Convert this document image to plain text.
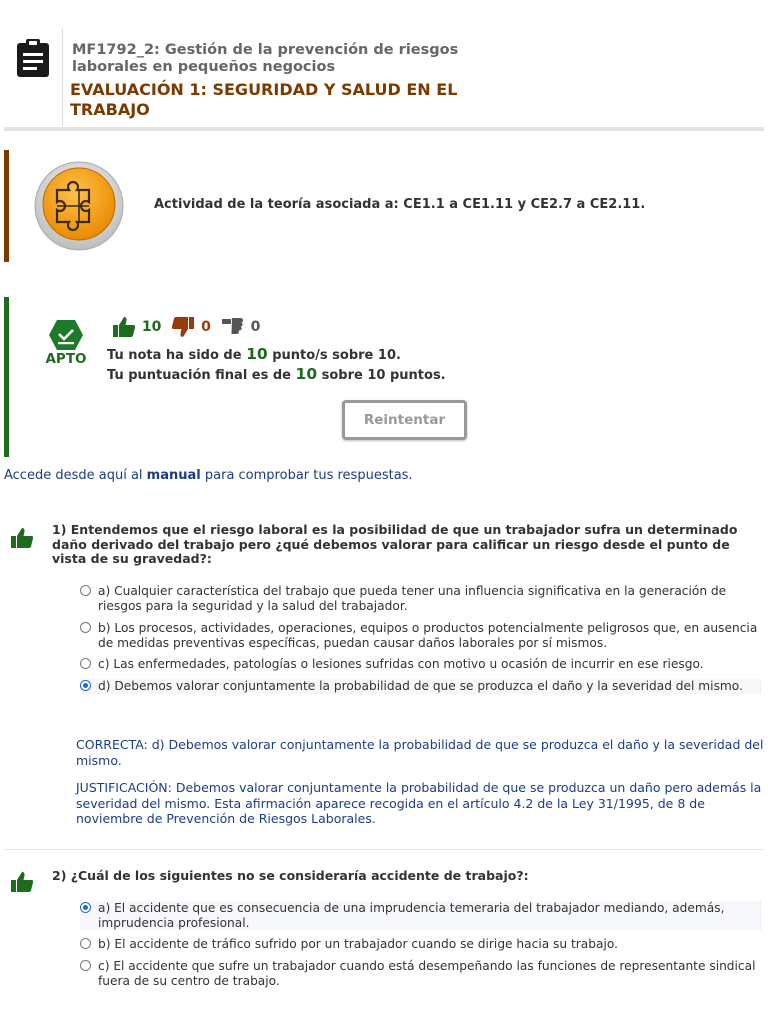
MF1792_2: Gestión de la prevención de riesgos laborales en pequeños negocios
EVALUACIÓN 1: SEGURIDAD Y SALUD EN EL TRABAJO
Actividad de la teoría asociada a: CE1.1 a CE1.11 y CE2.7 a CE2.11.
APTO
10	0	0
Tu nota ha sido de 10 punto/s sobre 10.
Tu puntuación final es de 10 sobre 10 puntos.
Reintentar
Accede desde aquí al manual para comprobar tus respuestas.
1) Entendemos que el riesgo laboral es la posibilidad de que un trabajador sufra un determinado daño derivado del trabajo pero ¿qué debemos valorar para calificar un riesgo desde el punto de vista de su gravedad?:
a) Cualquier característica del trabajo que pueda tener una influencia significativa en la generación de riesgos para la seguridad y la salud del trabajador.
b) Los procesos, actividades, operaciones, equipos o productos potencialmente peligrosos que, en ausencia de medidas preventivas específicas, puedan causar daños laborales por sí mismos.
c) Las enfermedades, patologías o lesiones sufridas con motivo u ocasión de incurrir en ese riesgo.
d) Debemos valorar conjuntamente la probabilidad de que se produzca el daño y la severidad del mismo.
CORRECTA: d) Debemos valorar conjuntamente la probabilidad de que se produzca el daño y la severidad del mismo.
JUSTIFICACIÓN: Debemos valorar conjuntamente la probabilidad de que se produzca un daño pero además la severidad del mismo. Esta afirmación aparece recogida en el artículo 4.2 de la Ley 31/1995, de 8 de noviembre de Prevención de Riesgos Laborales.
2) ¿Cuál de los siguientes no se consideraría accidente de trabajo?:
a) El accidente que es consecuencia de una imprudencia temeraria del trabajador mediando, además, imprudencia profesional.
b) El accidente de tráfico sufrido por un trabajador cuando se dirige hacia su trabajo.
c) El accidente que sufre un trabajador cuando está desempeñando las funciones de representante sindical fuera de su centro de trabajo.
